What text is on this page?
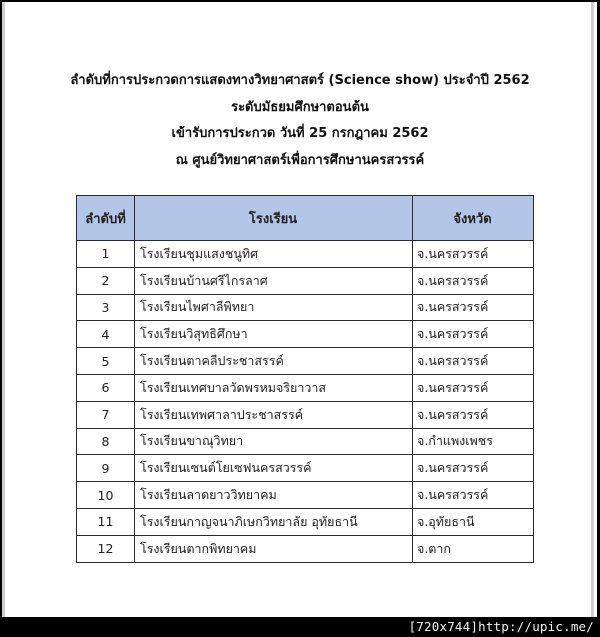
ลำดับที่การประกวดการแสดงทางวิทยาศาสตร์ (Science show) ประจำปี 2562
ระดับมัธยมศึกษาตอนต้น
เข้ารับการประกวด วันที่ 25 กรกฎาคม 2562
ณ ศูนย์วิทยาศาสตร์เพื่อการศึกษานครสวรรค์
ลำดับที่	โรงเรียน	จังหวัด
1	โรงเรียนชุมแสงชนูทิศ	จ.นครสวรรค์
2	โรงเรียนบ้านศรีไกรลาศ	จ.นครสวรรค์
3	โรงเรียนไพศาลีพิทยา	จ.นครสวรรค์
4	โรงเรียนวิสุทธิศึกษา	จ.นครสวรรค์
5	โรงเรียนตาคลีประชาสรรค์	จ.นครสวรรค์
6	โรงเรียนเทศบาลวัดพรหมจริยาวาส	จ.นครสวรรค์
7	โรงเรียนเทพศาลาประชาสรรค์	จ.นครสวรรค์
8	โรงเรียนขาณุวิทยา	จ.กำแพงเพชร
9	โรงเรียนเซนต์โยเซฟนครสวรรค์	จ.นครสวรรค์
10	โรงเรียนลาดยาววิทยาคม	จ.นครสวรรค์
11	โรงเรียนกาญจนาภิเษกวิทยาลัย อุทัยธานี	จ.อุทัยธานี
12	โรงเรียนตากพิทยาคม	จ.ตาก
[720x744]http://upic.me/
